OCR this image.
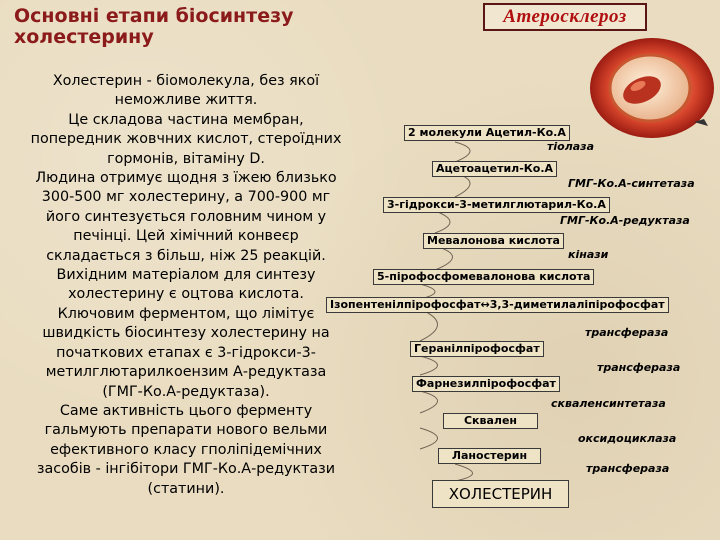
Основні етапи біосинтезу
холестерину
Атеросклероз
Холестерин - біомолекула, без якої
неможливе життя.
Це складова частина мембран,
попередник жовчних кислот, стероїдних
гормонів, вітаміну D.
Людина отримує щодня з їжею близько
300-500 мг холестерину, а 700-900 мг
його синтезується головним чином у
печінці. Цей хімічний конвеєр
складається з більш, ніж 25 реакцій.
Вихідним матеріалом для синтезу
холестерину є оцтова кислота.
Ключовим ферментом, що лімітує
швидкість біосинтезу холестерину на
початкових етапах є 3-гідрокси-3-
метилглютарилкоензим А-редуктаза
(ГМГ-Ко.А-редуктаза).
Саме активність цього ферменту
гальмують препарати нового вельми
ефективного класу гполіпідемічних
засобів - інгібітори ГМГ-Ко.А-редуктази
(статини).
2 молекули Ацетил-Ко.А
тіолаза
Ацетоацетил-Ко.А
ГМГ-Ко.А-синтетаза
3-гідрокси-3-метилглютарил-Ко.А
ГМГ-Ко.А-редуктаза
Мевалонова кислота
кінази
5-пірофосфомевалонова кислота
Ізопентенілпірофосфат↔3,3-диметилаліпірофосфат
трансфераза
Геранілпірофосфат
трансфераза
Фарнезилпірофосфат
скваленсинтетаза
Сквален
оксидоциклаза
Ланостерин
трансфераза
ХОЛЕСТЕРИН
